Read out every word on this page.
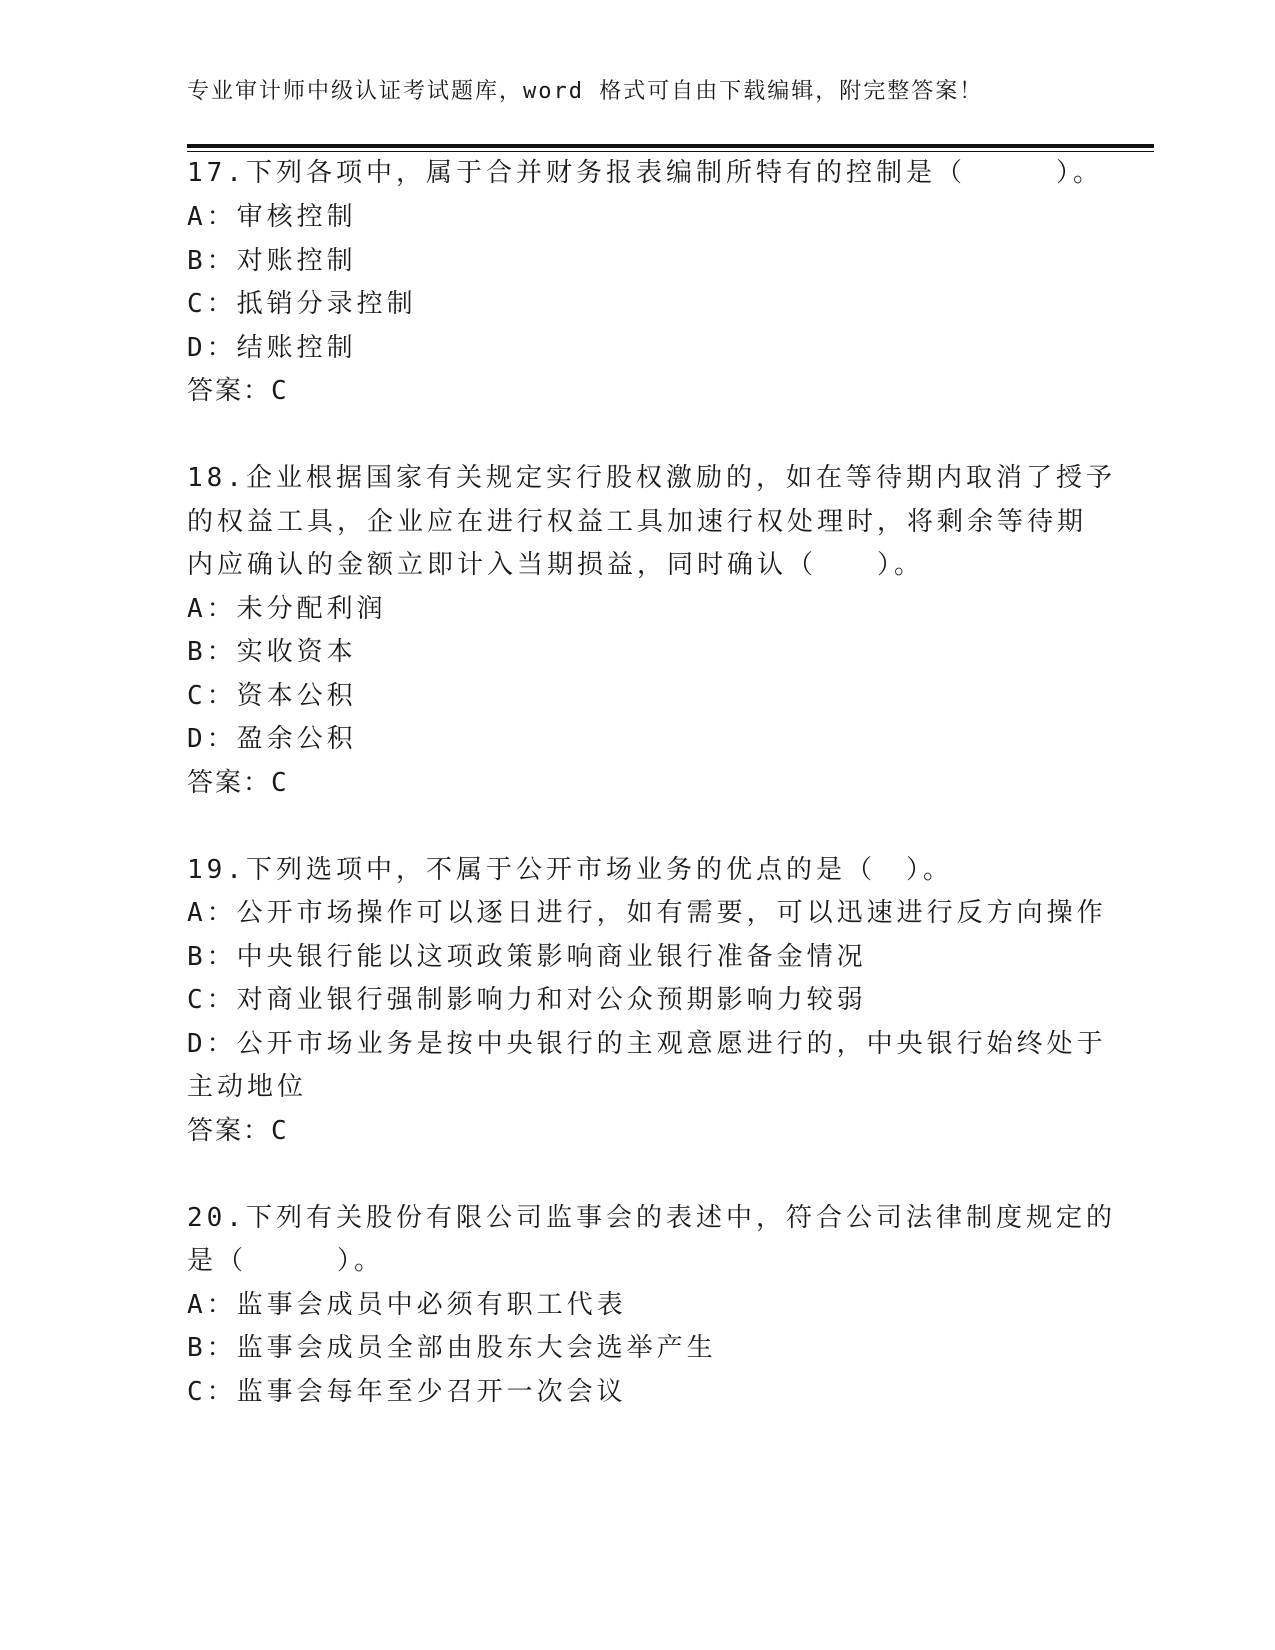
专业审计师中级认证考试题库，word 格式可自由下载编辑，附完整答案！
17.下列各项中，属于合并财务报表编制所特有的控制是（　　　）。
A：审核控制
B：对账控制
C：抵销分录控制
D：结账控制
答案：C
18.企业根据国家有关规定实行股权激励的，如在等待期内取消了授予
的权益工具，企业应在进行权益工具加速行权处理时，将剩余等待期
内应确认的金额立即计入当期损益，同时确认（　　）。
A：未分配利润
B：实收资本
C：资本公积
D：盈余公积
答案：C
19.下列选项中，不属于公开市场业务的优点的是（　）。
A：公开市场操作可以逐日进行，如有需要，可以迅速进行反方向操作
B：中央银行能以这项政策影响商业银行准备金情况
C：对商业银行强制影响力和对公众预期影响力较弱
D：公开市场业务是按中央银行的主观意愿进行的，中央银行始终处于
主动地位
答案：C
20.下列有关股份有限公司监事会的表述中，符合公司法律制度规定的
是（　　　）。
A：监事会成员中必须有职工代表
B：监事会成员全部由股东大会选举产生
C：监事会每年至少召开一次会议
